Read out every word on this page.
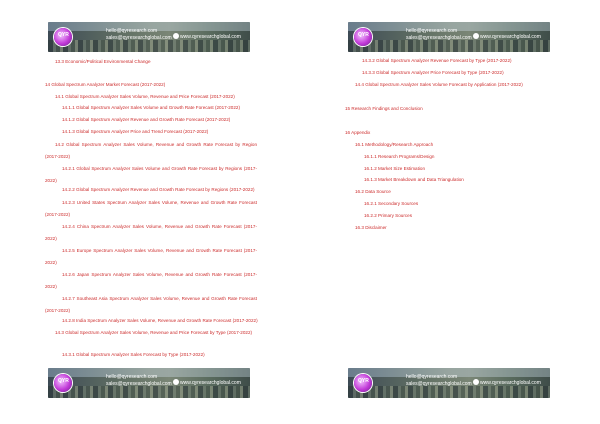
QYR
hello@qyresearch.com
sales@qyresearchglobal.com www.qyresearchglobal.com
13.3 Economic/Political Environmental Change
14 Global Spectrum Analyzer Market Forecast (2017-2022)
14.1 Global Spectrum Analyzer Sales Volume, Revenue and Price Forecast (2017-2022)
14.1.1 Global Spectrum Analyzer Sales Volume and Growth Rate Forecast (2017-2022)
14.1.2 Global Spectrum Analyzer Revenue and Growth Rate Forecast (2017-2022)
14.1.3 Global Spectrum Analyzer Price and Trend Forecast (2017-2022)
14.2 Global Spectrum Analyzer Sales Volume, Revenue and Growth Rate Forecast by Region (2017-2022)
14.2.1 Global Spectrum Analyzer Sales Volume and Growth Rate Forecast by Regions (2017-2022)
14.2.2 Global Spectrum Analyzer Revenue and Growth Rate Forecast by Regions (2017-2022)
14.2.3 United States Spectrum Analyzer Sales Volume, Revenue and Growth Rate Forecast (2017-2022)
14.2.4 China Spectrum Analyzer Sales Volume, Revenue and Growth Rate Forecast (2017-2022)
14.2.5 Europe Spectrum Analyzer Sales Volume, Revenue and Growth Rate Forecast (2017-2022)
14.2.6 Japan Spectrum Analyzer Sales Volume, Revenue and Growth Rate Forecast (2017-2022)
14.2.7 Southeast Asia Spectrum Analyzer Sales Volume, Revenue and Growth Rate Forecast (2017-2022)
14.2.8 India Spectrum Analyzer Sales Volume, Revenue and Growth Rate Forecast (2017-2022)
14.3 Global Spectrum Analyzer Sales Volume, Revenue and Price Forecast by Type (2017-2022)
14.3.1 Global Spectrum Analyzer Sales Forecast by Type (2017-2022)
QYR
hello@qyresearch.com
sales@qyresearchglobal.com www.qyresearchglobal.com
QYR
hello@qyresearch.com
sales@qyresearchglobal.com www.qyresearchglobal.com
14.3.2 Global Spectrum Analyzer Revenue Forecast by Type (2017-2022)
14.3.3 Global Spectrum Analyzer Price Forecast by Type (2017-2022)
14.4 Global Spectrum Analyzer Sales Volume Forecast by Application (2017-2022)
15 Research Findings and Conclusion
16 Appendix
16.1 Methodology/Research Approach
16.1.1 Research Programs/Design
16.1.2 Market Size Estimation
16.1.3 Market Breakdown and Data Triangulation
16.2 Data Source
16.2.1 Secondary Sources
16.2.2 Primary Sources
16.3 Disclaimer
QYR
hello@qyresearch.com
sales@qyresearchglobal.com www.qyresearchglobal.com
